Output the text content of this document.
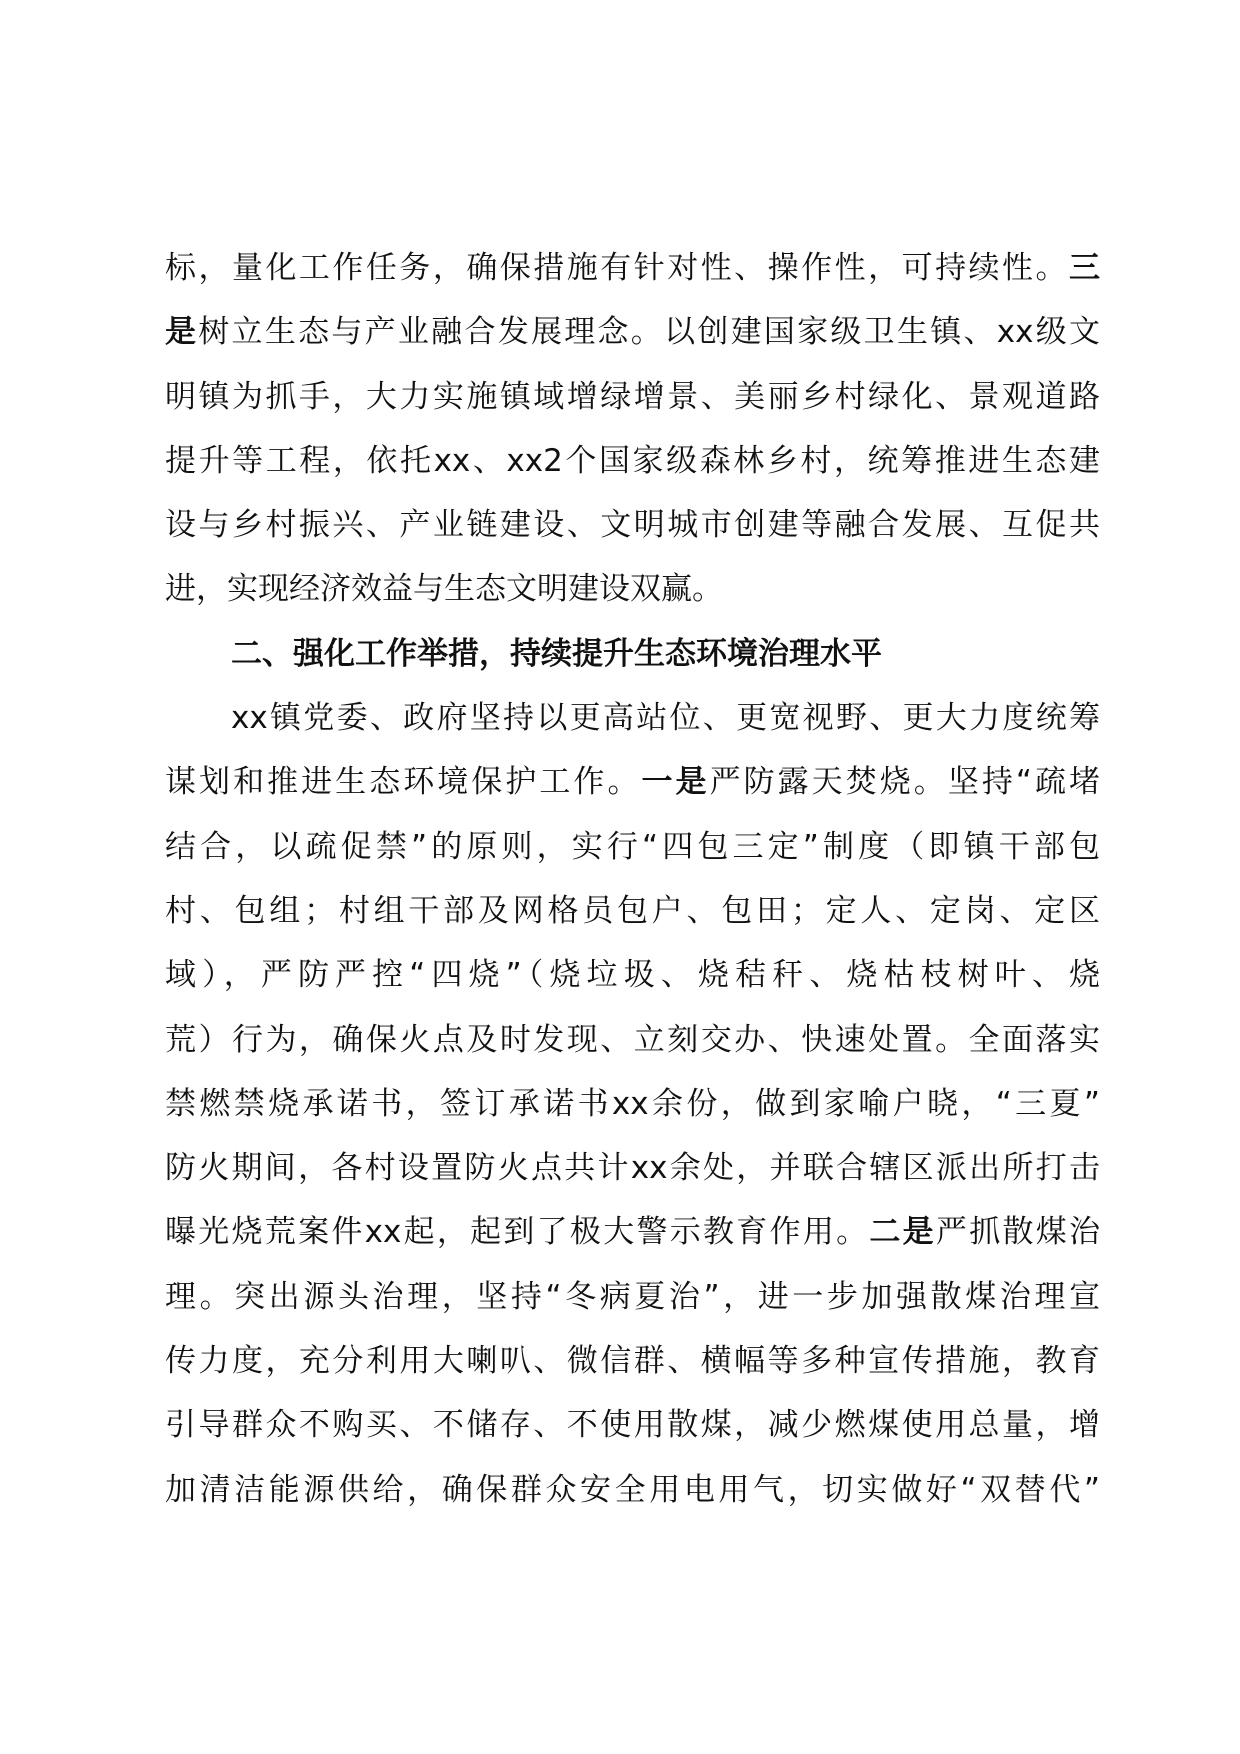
标，量化工作任务，确保措施有针对性、操作性，可持续性。三
是树立生态与产业融合发展理念。以创建国家级卫生镇、xx级文
明镇为抓手，大力实施镇域增绿增景、美丽乡村绿化、景观道路
提升等工程，依托xx、xx2个国家级森林乡村，统筹推进生态建
设与乡村振兴、产业链建设、文明城市创建等融合发展、互促共
进，实现经济效益与生态文明建设双赢。
二、强化工作举措，持续提升生态环境治理水平
xx镇党委、政府坚持以更高站位、更宽视野、更大力度统筹
谋划和推进生态环境保护工作。一是严防露天焚烧。坚持“疏堵
结合，以疏促禁”的原则，实行“四包三定”制度（即镇干部包
村、包组；村组干部及网格员包户、包田；定人、定岗、定区
域），严防严控“四烧”（烧垃圾、烧秸秆、烧枯枝树叶、烧
荒）行为，确保火点及时发现、立刻交办、快速处置。全面落实
禁燃禁烧承诺书，签订承诺书xx余份，做到家喻户晓，“三夏”
防火期间，各村设置防火点共计xx余处，并联合辖区派出所打击
曝光烧荒案件xx起，起到了极大警示教育作用。二是严抓散煤治
理。突出源头治理，坚持“冬病夏治”，进一步加强散煤治理宣
传力度，充分利用大喇叭、微信群、横幅等多种宣传措施，教育
引导群众不购买、不储存、不使用散煤，减少燃煤使用总量，增
加清洁能源供给，确保群众安全用电用气，切实做好“双替代”
